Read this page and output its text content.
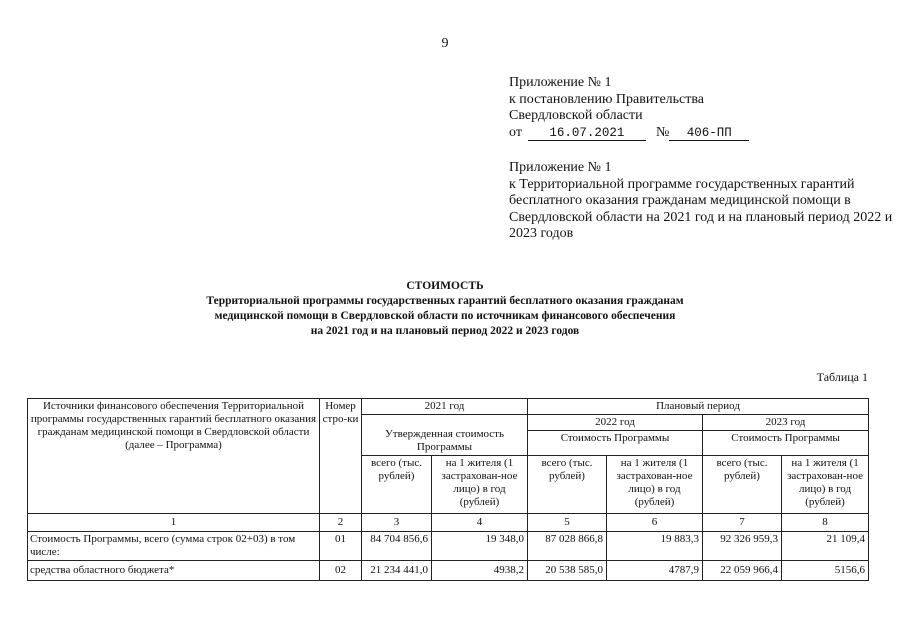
9
Приложение № 1
к постановлению Правительства
Свердловской области
от 16.07.2021 № 406-ПП
Приложение № 1
к Территориальной программе государственных гарантий бесплатного оказания гражданам медицинской помощи в Свердловской области на 2021 год и на плановый период 2022 и 2023 годов
СТОИМОСТЬ
Территориальной программы государственных гарантий бесплатного оказания гражданам
медицинской помощи в Свердловской области по источникам финансового обеспечения
на 2021 год и на плановый период 2022 и 2023 годов
Таблица 1
Источники финансового обеспечения Территориальной программы государственных гарантий бесплатного оказания гражданам медицинской помощи в Свердловской области (далее – Программа)	Номер стро-ки	2021 год		Плановый период			
		Утвержденная стоимость Программы		2022 год		2023 год	
				Стоимость Программы		Стоимость Программы	
		всего (тыс. рублей)	на 1 жителя (1 застрахован-ное лицо) в год (рублей)	всего (тыс. рублей)	на 1 жителя (1 застрахован-ное лицо) в год (рублей)	всего (тыс. рублей)	на 1 жителя (1 застрахован-ное лицо) в год (рублей)
1	2	3	4	5	6	7	8
Стоимость Программы, всего (сумма строк 02+03) в том числе:	01	84 704 856,6	19 348,0	87 028 866,8	19 883,3	92 326 959,3	21 109,4
средства областного бюджета*	02	21 234 441,0	4938,2	20 538 585,0	4787,9	22 059 966,4	5156,6
